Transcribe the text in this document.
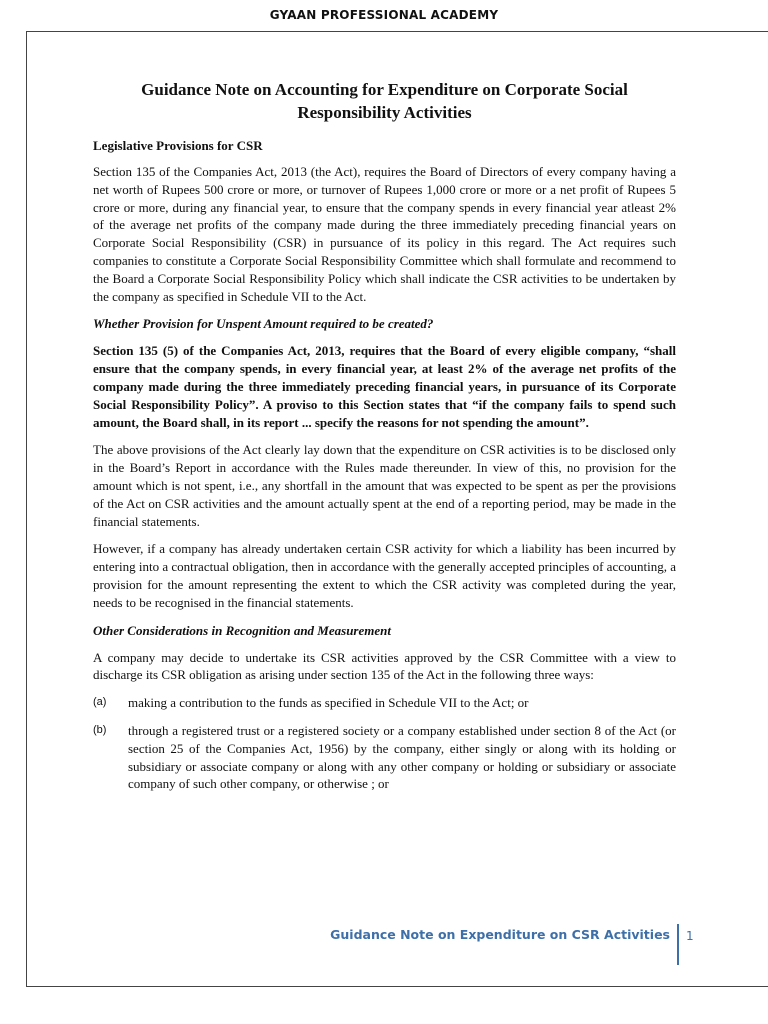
GYAAN PROFESSIONAL ACADEMY
Guidance Note on Accounting for Expenditure on Corporate Social Responsibility Activities
Legislative Provisions for CSR

Section 135 of the Companies Act, 2013 (the Act), requires the Board of Directors of every company having a net worth of Rupees 500 crore or more, or turnover of Rupees 1,000 crore or more or a net profit of Rupees 5 crore or more, during any financial year, to ensure that the company spends in every financial year atleast 2% of the average net profits of the company made during the three immediately preceding financial years on Corporate Social Responsibility (CSR) in pursuance of its policy in this regard. The Act requires such companies to constitute a Corporate Social Responsibility Committee which shall formulate and recommend to the Board a Corporate Social Responsibility Policy which shall indicate the CSR activities to be undertaken by the company as specified in Schedule VII to the Act.

Whether Provision for Unspent Amount required to be created?

Section 135 (5) of the Companies Act, 2013, requires that the Board of every eligible company, “shall ensure that the company spends, in every financial year, at least 2% of the average net profits of the company made during the three immediately preceding financial years, in pursuance of its Corporate Social Responsibility Policy”. A proviso to this Section states that “if the company fails to spend such amount, the Board shall, in its report ... specify the reasons for not spending the amount”.

The above provisions of the Act clearly lay down that the expenditure on CSR activities is to be disclosed only in the Board’s Report in accordance with the Rules made thereunder. In view of this, no provision for the amount which is not spent, i.e., any shortfall in the amount that was expected to be spent as per the provisions of the Act on CSR activities and the amount actually spent at the end of a reporting period, may be made in the financial statements.

However, if a company has already undertaken certain CSR activity for which a liability has been incurred by entering into a contractual obligation, then in accordance with the generally accepted principles of accounting, a provision for the amount representing the extent to which the CSR activity was completed during the year, needs to be recognised in the financial statements.

Other Considerations in Recognition and Measurement

A company may decide to undertake its CSR activities approved by the CSR Committee with a view to discharge its CSR obligation as arising under section 135 of the Act in the following three ways:

(a)	making a contribution to the funds as specified in Schedule VII to the Act; or
(b)	through a registered trust or a registered society or a company established under section 8 of the Act (or section 25 of the Companies Act, 1956) by the company, either singly or along with its holding or subsidiary or associate company or along with any other company or holding or subsidiary or associate company of such other company, or otherwise ; or
Guidance Note on Expenditure on CSR Activities 1
